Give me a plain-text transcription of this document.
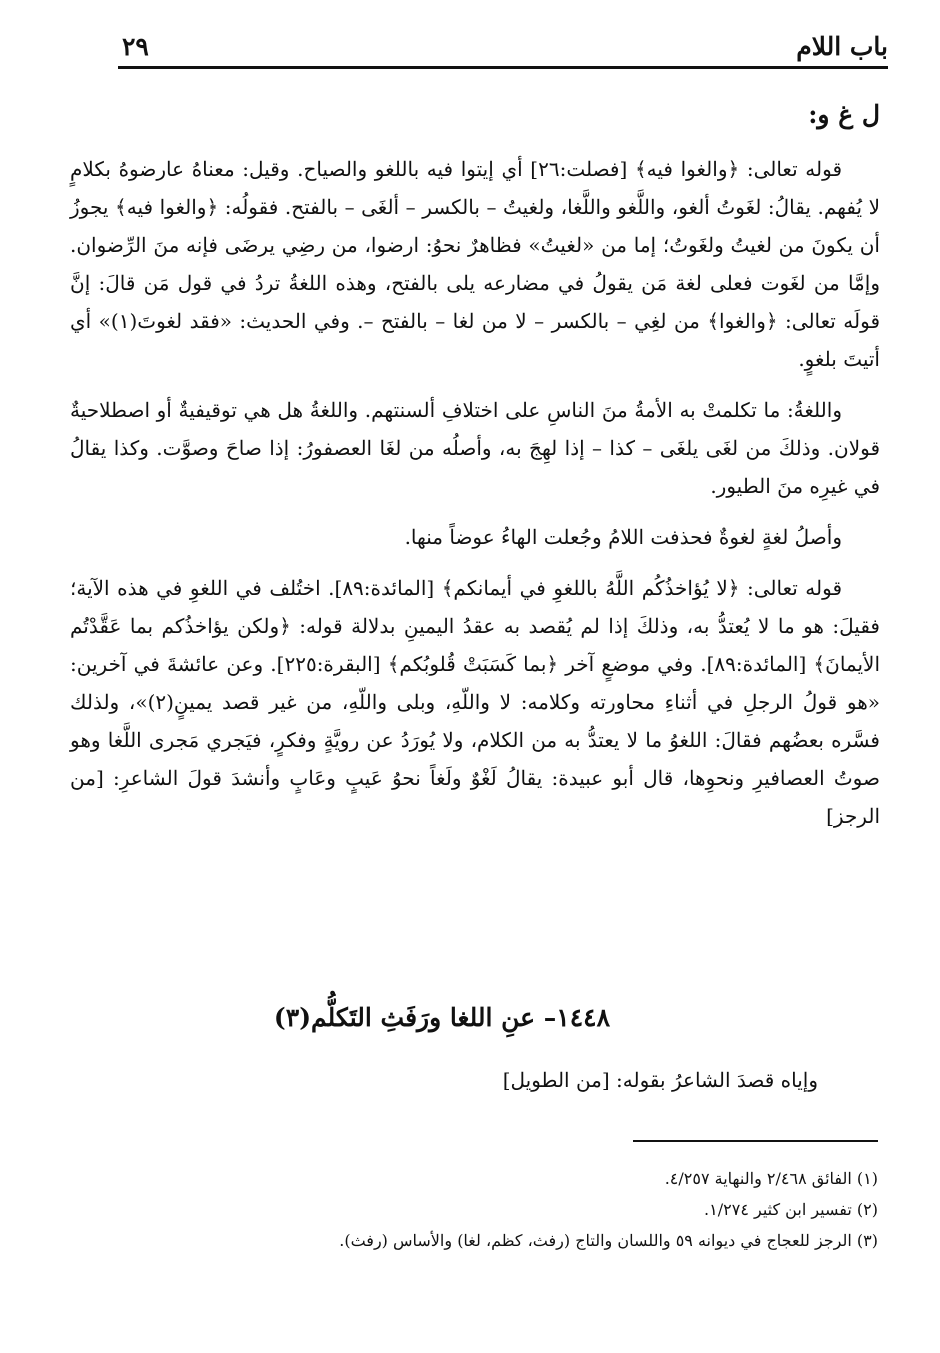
باب اللام
٢٩
ل غ و:

قوله تعالى: ﴿والغوا فيه﴾ [فصلت:٢٦] أي إيتوا فيه باللغو والصياح. وقيل: معناهُ عارضوهُ بكلامٍ لا يُفهم. يقالُ: لغَوتُ ألغو، واللَّغو واللَّغا، ولغيتُ – بالكسر – ألغَى – بالفتح. فقولُه: ﴿والغوا فيه﴾ يجوزُ أن يكونَ من لغيتُ ولغَوتُ؛ إما من «لغيتُ» فظاهرٌ نحوُ: ارضوا، من رضِي يرضَى فإنه منَ الرِّضوان. وإمَّا من لغَوت فعلى لغة مَن يقولُ في مضارعه يلى بالفتح، وهذه اللغةُ تردُ في قول مَن قالَ: إنَّ قولَه تعالى: ﴿والغوا﴾ من لغِي – بالكسر – لا من لغا – بالفتح –. وفي الحديث: «فقد لغوتَ(١)» أي أتيتَ بلغوٍ.

واللغةُ: ما تكلمتْ به الأمةُ منَ الناسِ على اختلافِ ألسنتهم. واللغةُ هل هي توقيفيةٌ أو اصطلاحيةٌ قولان. وذلكَ من لغَى يلغَى – كذا – إذا لهِجَ به، وأصلُه من لغَا العصفورُ: إذا صاحَ وصوَّت. وكذا يقالُ في غيرِه منَ الطيور.

وأصلُ لغةٍ لغوةٌ فحذفت اللامُ وجُعلت الهاءُ عوضاً منها.

قوله تعالى: ﴿لا يُؤاخذُكُم اللَّهُ باللغوِ في أيمانكم﴾ [المائدة:٨٩]. اختُلف في اللغوِ في هذه الآية؛ فقيلَ: هو ما لا يُعتدُّ به، وذلكَ إذا لم يُقصد به عقدُ اليمينِ بدلالة قوله: ﴿ولكن يؤاخذُكم بما عَقَّدْتُم الأيمانَ﴾ [المائدة:٨٩]. وفي موضعٍ آخر ﴿بما كَسَبَتْ قُلوبُكم﴾ [البقرة:٢٢٥]. وعن عائشةَ في آخرين: «هو قولُ الرجلِ في أثناءِ محاورته وكلامه: لا واللّهِ، وبلى واللّهِ، من غير قصد يمينٍ(٢)»، ولذلك فسَّره بعضُهم فقالَ: اللغوُ ما لا يعتدُّ به من الكلام، ولا يُورَدُ عن رويَّةٍ وفكرٍ، فيَجري مَجرى اللَّغا وهو صوتُ العصافيرِ ونحوِها، قال أبو عبيدة: يقالُ لَغْوٌ ولَغاً نحوُ عَيبٍ وعَابٍ وأنشدَ قولَ الشاعرِ: [من الرجز]

١٤٤٨– عنِ اللغا ورَفَثِ التَكلُّم(٣)
وإياه قصدَ الشاعرُ بقوله: [من الطويل]
(١) الفائق ٢/٤٦٨ والنهاية ٤/٢٥٧.
(٢) تفسير ابن كثير ١/٢٧٤.
(٣) الرجز للعجاج في ديوانه ٥٩ واللسان والتاج (رفث، كظم، لغا) والأساس (رفث).
